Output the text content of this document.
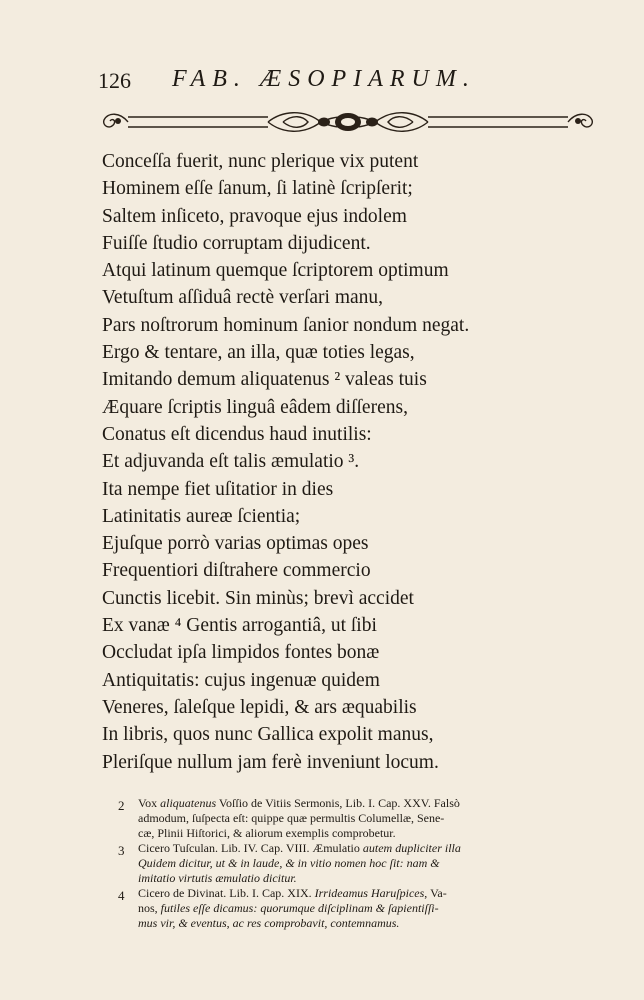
126 FAB. ÆSOPIARUM.
Conceſſa fuerit, nunc plerique vix putent
Hominem eſſe ſanum, ſi latinè ſcripſerit;
Saltem inſiceto, pravoque ejus indolem
Fuiſſe ſtudio corruptam dijudicent.
Atqui latinum quemque ſcriptorem optimum
Vetuſtum aſſiduâ rectè verſari manu,
Pars noſtrorum hominum ſanior nondum negat.
Ergo & tentare, an illa, quæ toties legas,
Imitando demum aliquatenus ² valeas tuis
Æquare ſcriptis linguâ eâdem diſſerens,
Conatus eſt dicendus haud inutilis:
Et adjuvanda eſt talis æmulatio ³.
Ita nempe fiet uſitatior in dies
Latinitatis aureæ ſcientia;
Ejuſque porrò varias optimas opes
Frequentiori diſtrahere commercio
Cunctis licebit. Sin minùs; brevì accidet
Ex vanæ ⁴ Gentis arrogantiâ, ut ſibi
Occludat ipſa limpidos fontes bonæ
Antiquitatis: cujus ingenuæ quidem
Veneres, ſaleſque lepidi, & ars æquabilis
In libris, quos nunc Gallica expolit manus,
Pleriſque nullum jam ferè inveniunt locum.
2 Vox aliquatenus Voſſio de Vitiis Sermonis, Lib. I. Cap. XXV. Falsò
admodum, ſuſpecta eſt: quippe quæ permultis Columellæ, Sene-
cæ, Plinii Hiſtorici, & aliorum exemplis comprobetur.
3 Cicero Tuſculan. Lib. IV. Cap. VIII. Æmulatio autem dupliciter illa
Quidem dicitur, ut & in laude, & in vitio nomen hoc ſit: nam &
imitatio virtutis æmulatio dicitur.
4 Cicero de Divinat. Lib. I. Cap. XIX. Irrideamus Haruſpices, Va-
nos, futiles eſſe dicamus: quorumque diſciplinam & ſapientiſſi-
mus vir, & eventus, ac res comprobavit, contemnamus.
